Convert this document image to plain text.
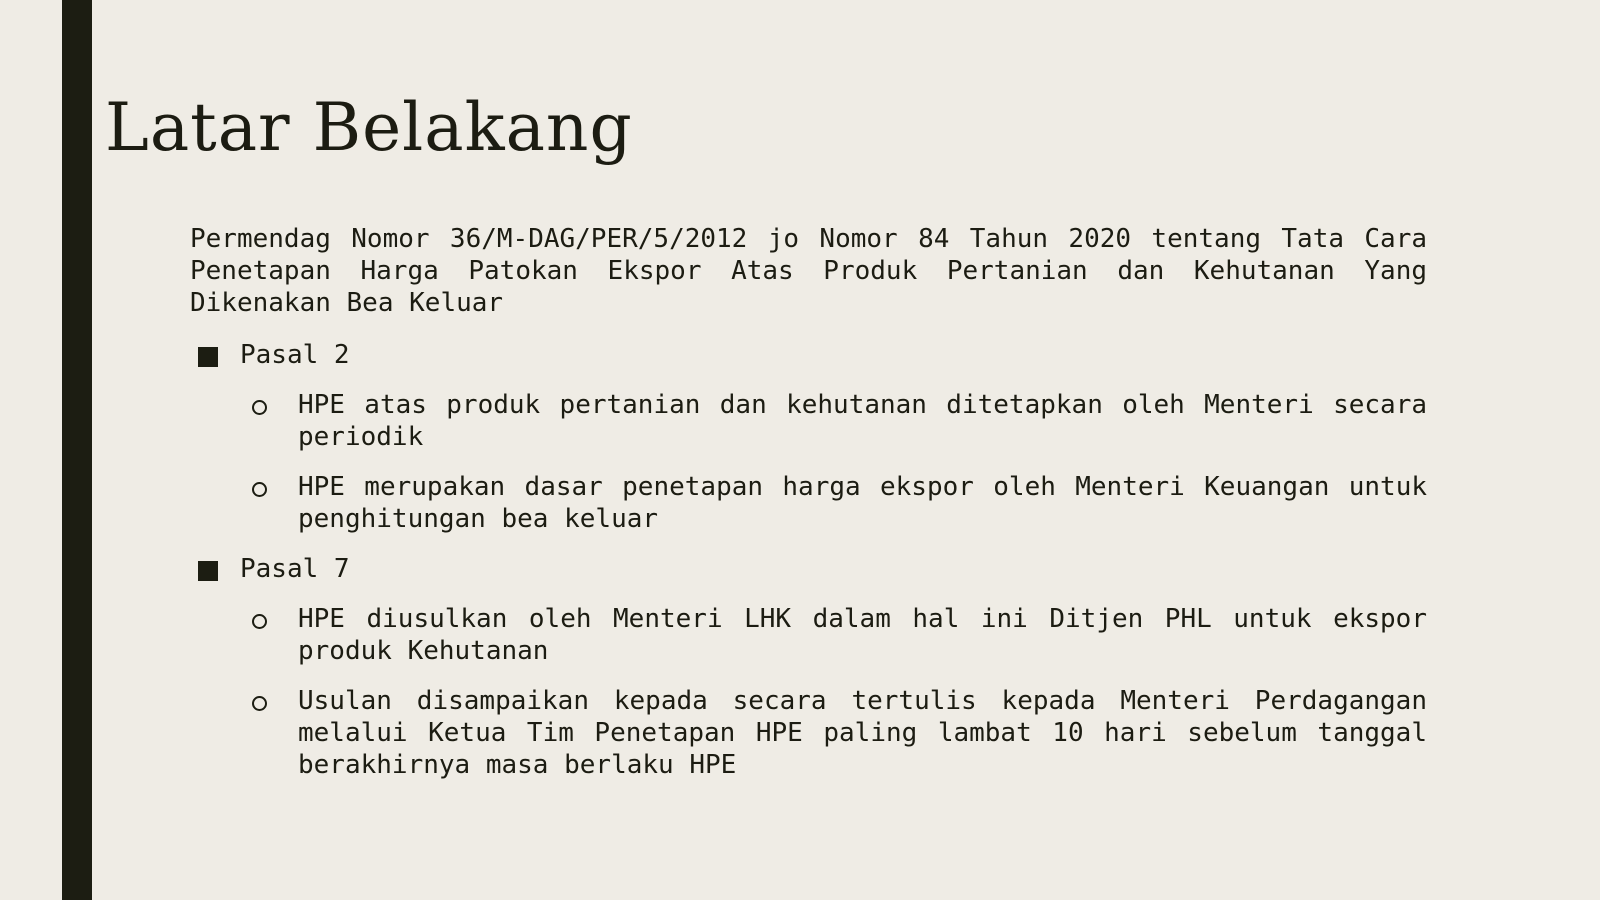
Latar Belakang

Permendag Nomor 36/M-DAG/PER/5/2012 jo Nomor 84 Tahun 2020 tentang Tata Cara Penetapan Harga Patokan Ekspor Atas Produk Pertanian dan Kehutanan Yang Dikenakan Bea Keluar

Pasal 2
HPE atas produk pertanian dan kehutanan ditetapkan oleh Menteri secara periodik
HPE merupakan dasar penetapan harga ekspor oleh Menteri Keuangan untuk penghitungan bea keluar
Pasal 7
HPE diusulkan oleh Menteri LHK dalam hal ini Ditjen PHL untuk ekspor produk Kehutanan
Usulan disampaikan kepada secara tertulis kepada Menteri Perdagangan melalui Ketua Tim Penetapan HPE paling lambat 10 hari sebelum tanggal berakhirnya masa berlaku HPE
